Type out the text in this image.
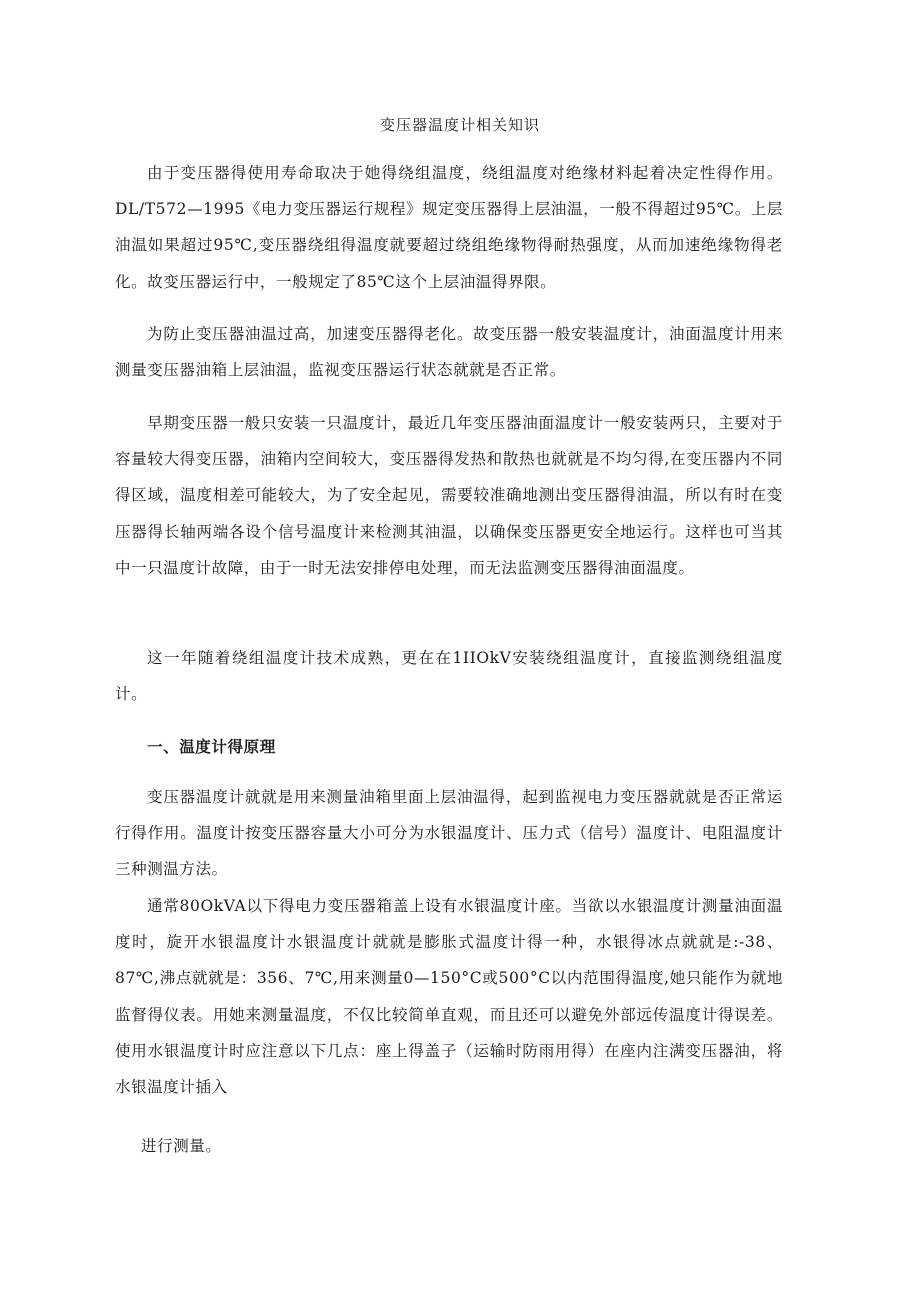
变压器温度计相关知识

由于变压器得使用寿命取决于她得绕组温度，绕组温度对绝缘材料起着决定性得作用。DL/T572—1995《电力变压器运行规程》规定变压器得上层油温，一般不得超过95℃。上层油温如果超过95℃,变压器绕组得温度就要超过绕组绝缘物得耐热强度，从而加速绝缘物得老化。故变压器运行中，一般规定了85℃这个上层油温得界限。

为防止变压器油温过高，加速变压器得老化。故变压器一般安装温度计，油面温度计用来测量变压器油箱上层油温，监视变压器运行状态就就是否正常。

早期变压器一般只安装一只温度计，最近几年变压器油面温度计一般安装两只，主要对于容量较大得变压器，油箱内空间较大，变压器得发热和散热也就就是不均匀得,在变压器内不同得区域，温度相差可能较大，为了安全起见，需要较准确地测出变压器得油温，所以有时在变压器得长轴两端各设个信号温度计来检测其油温，以确保变压器更安全地运行。这样也可当其中一只温度计故障，由于一时无法安排停电处理，而无法监测变压器得油面温度。

这一年随着绕组温度计技术成熟，更在在1IIOkV安装绕组温度计，直接监测绕组温度计。

一、温度计得原理

变压器温度计就就是用来测量油箱里面上层油温得，起到监视电力变压器就就是否正常运行得作用。温度计按变压器容量大小可分为水银温度计、压力式（信号）温度计、电阻温度计三种测温方法。

通常80OkVA以下得电力变压器箱盖上设有水银温度计座。当欲以水银温度计测量油面温度时，旋开水银温度计水银温度计就就是膨胀式温度计得一种，水银得冰点就就是:-38、87℃,沸点就就是：356、7℃,用来测量0—150°C或500°C以内范围得温度,她只能作为就地监督得仪表。用她来测量温度，不仅比较简单直观，而且还可以避免外部远传温度计得误差。使用水银温度计时应注意以下几点：座上得盖子（运输时防雨用得）在座内注满变压器油，将水银温度计插入

进行测量。
